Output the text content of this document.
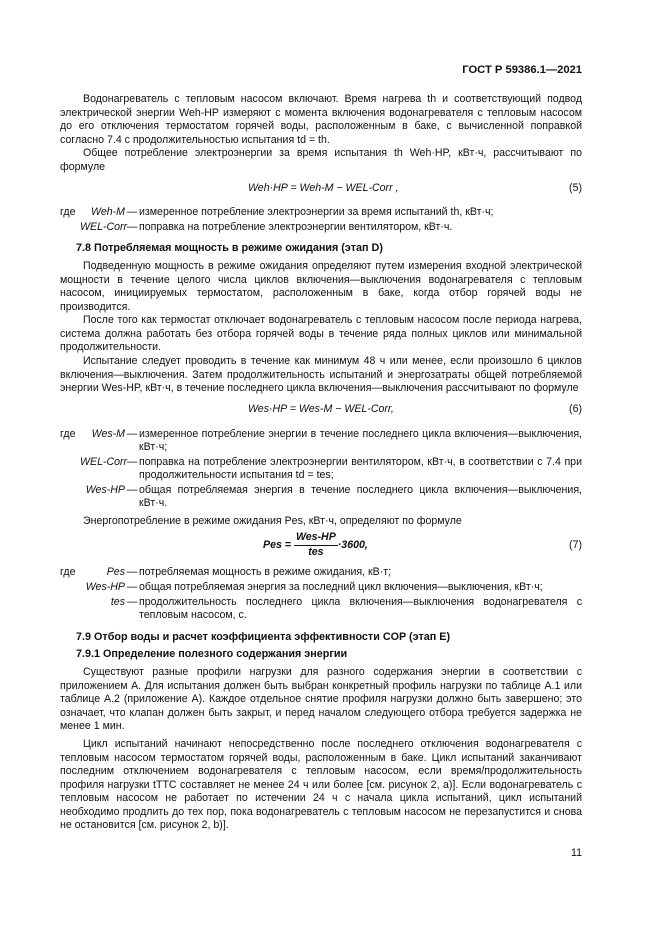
ГОСТ Р 59386.1—2021

Водонагреватель с тепловым насосом включают. Время нагрева th и соответствующий подвод электрической энергии Weh-HP измеряют с момента включения водонагревателя с тепловым насосом до его отключения термостатом горячей воды, расположенным в баке, с вычисленной поправкой согласно 7.4 с продолжительностью испытания td = th.

Общее потребление электроэнергии за время испытания th Weh·HP, кВт·ч, рассчитывают по формуле

Weh·HP = Weh-M − WEL-Corr ,	(5)
где	Weh-M — измеренное потребление электроэнергии за время испытаний th, кВт·ч;
WEL-Corr — поправка на потребление электроэнергии вентилятором, кВт·ч.
7.8 Потребляемая мощность в режиме ожидания (этап D)

Подведенную мощность в режиме ожидания определяют путем измерения входной электрической мощности в течение целого числа циклов включения—выключения водонагревателя с тепловым насосом, инициируемых термостатом, расположенным в баке, когда отбор горячей воды не производится.

После того как термостат отключает водонагреватель с тепловым насосом после периода нагрева, система должна работать без отбора горячей воды в течение ряда полных циклов или минимальной продолжительности.

Испытание следует проводить в течение как минимум 48 ч или менее, если произошло 6 циклов включения—выключения. Затем продолжительность испытаний и энергозатраты общей потребляемой энергии Wes-HP, кВт·ч, в течение последнего цикла включения—выключения рассчитывают по формуле

Wes·HP = Wes-M − WEL-Corr,	(6)
где	Wes-M — измеренное потребление энергии в течение последнего цикла включения—выключения, кВт·ч;
WEL-Corr — поправка на потребление электроэнергии вентилятором, кВт·ч, в соответствии с 7.4 при продолжительности испытания td = tes;
Wes-HP — общая потребляемая энергия в течение последнего цикла включения—выключения, кВт·ч.

Энергопотребление в режиме ожидания Pes, кВт·ч, определяют по формуле

Pes = $\frac{\text{Wes-HP}}{\text{tes}} \cdot 3600$,	(7)
где	Pes — потребляемая мощность в режиме ожидания, кВ·т;
Wes-HP — общая потребляемая энергия за последний цикл включения—выключения, кВт·ч;
tes — продолжительность последнего цикла включения—выключения водонагревателя с тепловым насосом, с.
7.9 Отбор воды и расчет коэффициента эффективности COP (этап E)
7.9.1 Определение полезного содержания энергии

Существуют разные профили нагрузки для разного содержания энергии в соответствии с приложением А. Для испытания должен быть выбран конкретный профиль нагрузки по таблице А.1 или таблице А.2 (приложение А). Каждое отдельное снятие профиля нагрузки должно быть завершено; это означает, что клапан должен быть закрыт, и перед началом следующего отбора требуется задержка не менее 1 мин.

Цикл испытаний начинают непосредственно после последнего отключения водонагревателя с тепловым насосом термостатом горячей воды, расположенным в баке. Цикл испытаний заканчивают последним отключением водонагревателя с тепловым насосом, если время/продолжительность профиля нагрузки tTTC составляет не менее 24 ч или более [см. рисунок 2, а)]. Если водонагреватель с тепловым насосом не работает по истечении 24 ч с начала цикла испытаний, цикл испытаний необходимо продлить до тех пор, пока водонагреватель с тепловым насосом не перезапустится и снова не остановится [см. рисунок 2, b)].

11
